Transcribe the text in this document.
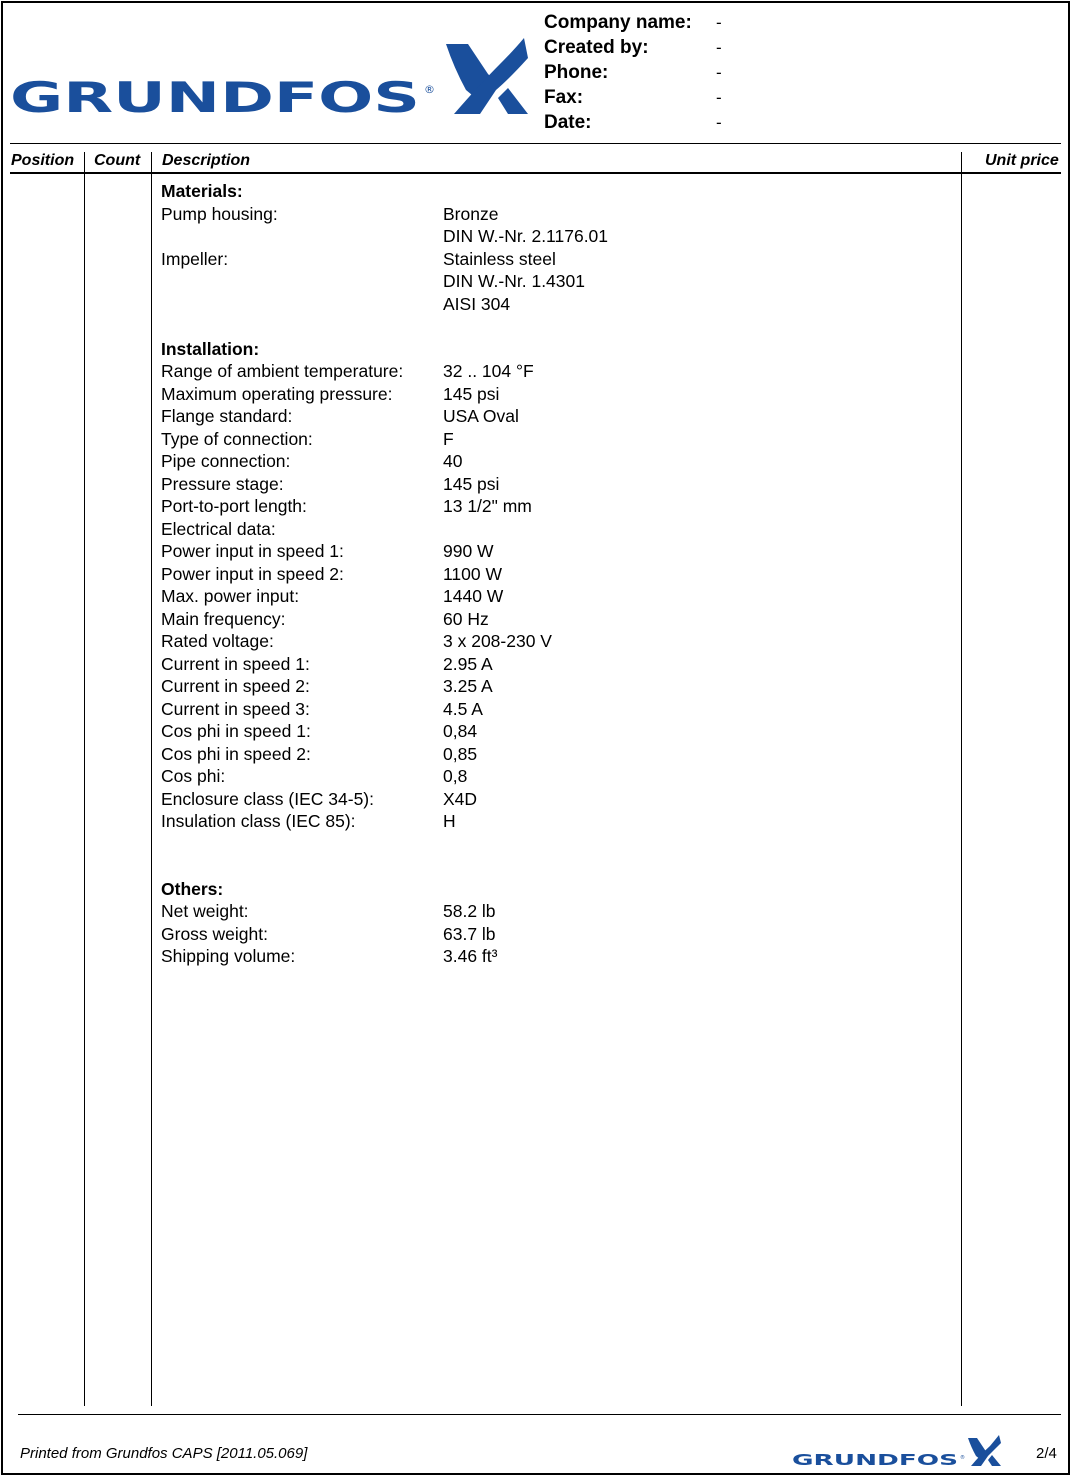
GRUNDFOS ®
Company name:	-
Created by:	-
Phone:	-
Fax:	-
Date:	-
Position Count Description	Unit price
Materials:
Pump housing:	Bronze
DIN W.-Nr. 2.1176.01
Impeller:	Stainless steel
DIN W.-Nr. 1.4301
AISI 304
Installation:
Range of ambient temperature:	32 .. 104 °F
Maximum operating pressure:	145 psi
Flange standard:	USA Oval
Type of connection:	F
Pipe connection:	40
Pressure stage:	145 psi
Port-to-port length:	13 1/2" mm
Electrical data:
Power input in speed 1:	990 W
Power input in speed 2:	1100 W
Max. power input:	1440 W
Main frequency:	60 Hz
Rated voltage:	3 x 208-230 V
Current in speed 1:	2.95 A
Current in speed 2:	3.25 A
Current in speed 3:	4.5 A
Cos phi in speed 1:	0,84
Cos phi in speed 2:	0,85
Cos phi:	0,8
Enclosure class (IEC 34-5):	X4D
Insulation class (IEC 85):	H
Others:
Net weight:	58.2 lb
Gross weight:	63.7 lb
Shipping volume:	3.46 ft³
Printed from Grundfos CAPS [2011.05.069]	GRUNDFOS ®	2/4
